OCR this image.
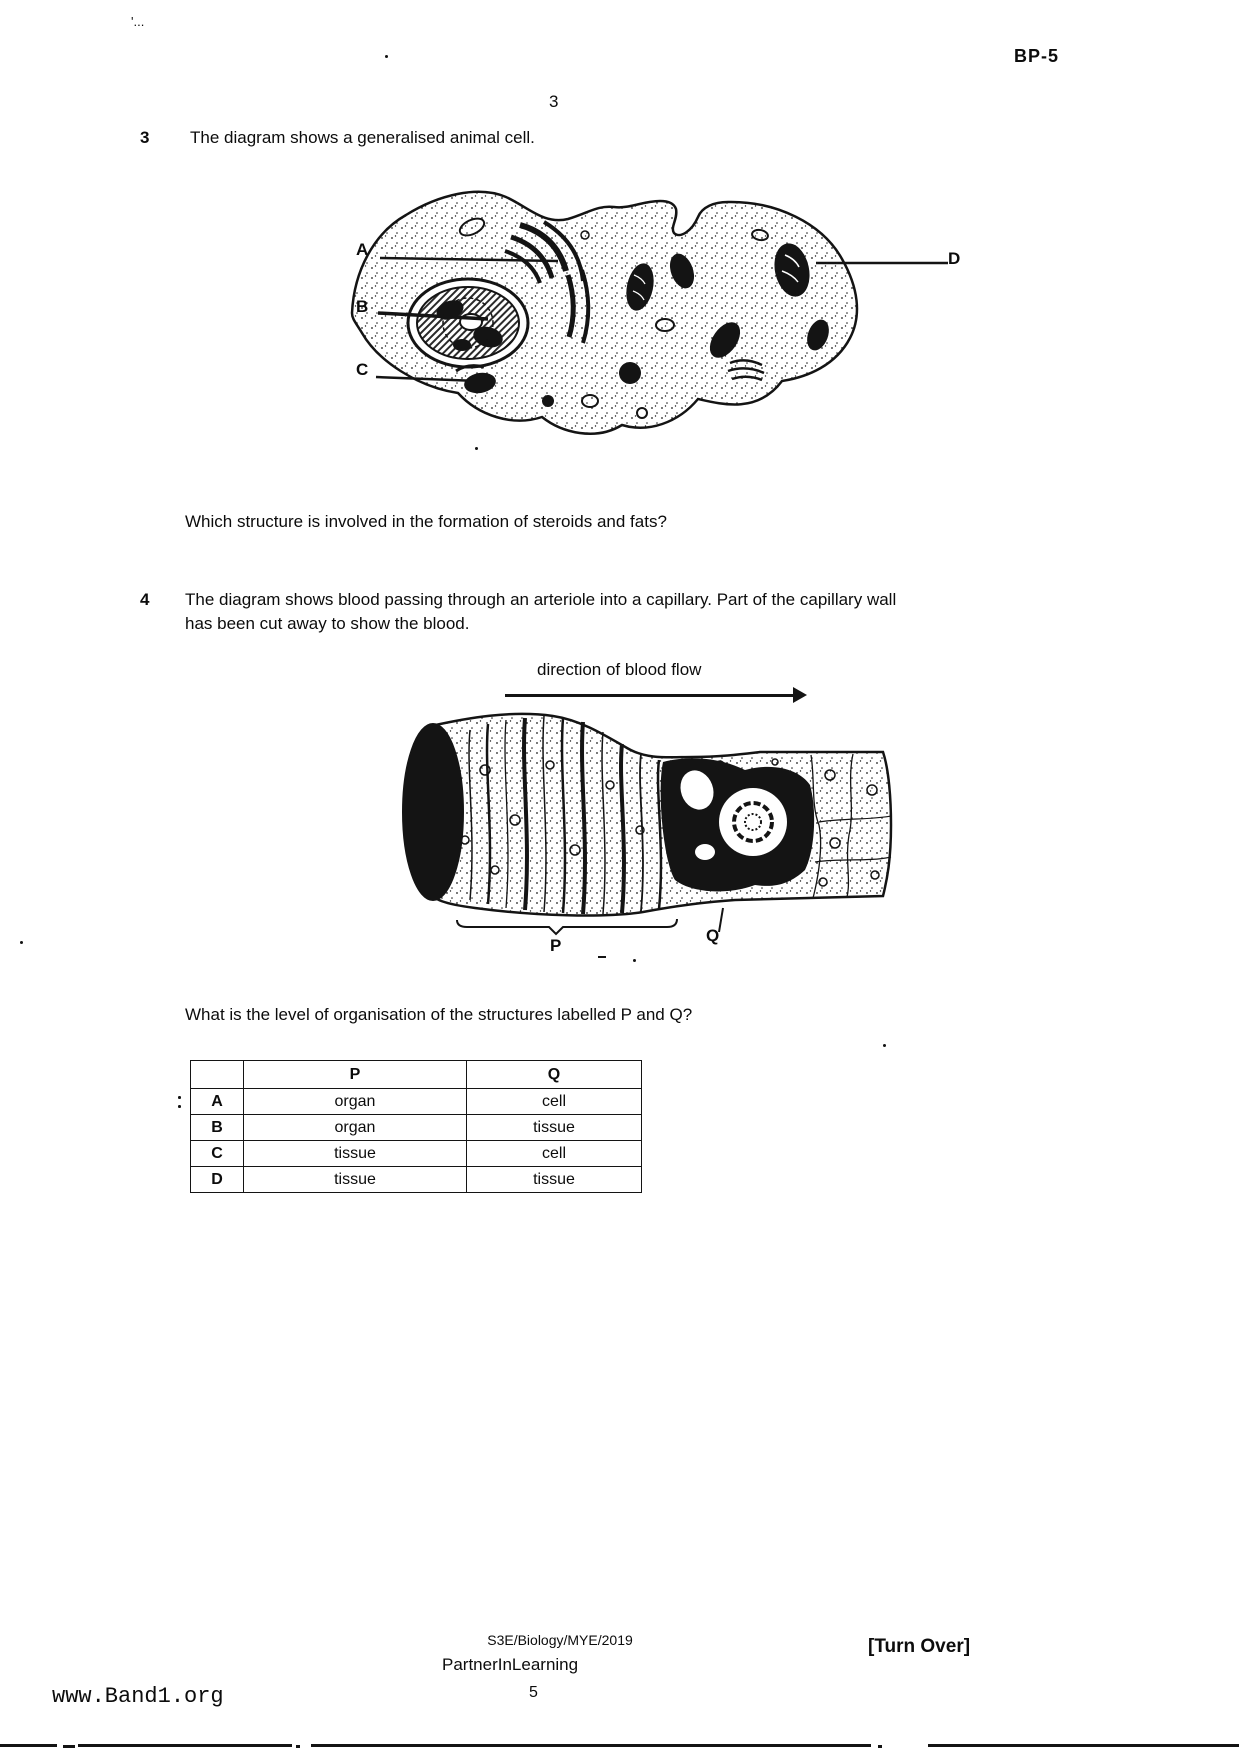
'...
BP-5
3
3 The diagram shows a generalised animal cell.
A
B
C
D
Which structure is involved in the formation of steroids and fats?
4 The diagram shows blood passing through an arteriole into a capillary. Part of the capillary wall
has been cut away to show the blood.
direction of blood flow
P
Q
What is the level of organisation of the structures labelled P and Q?
	P	Q
A	organ	cell
B	organ	tissue
C	tissue	cell
D	tissue	tissue
S3E/Biology/MYE/2019
PartnerInLearning
5
[Turn Over]
www.Band1.org
